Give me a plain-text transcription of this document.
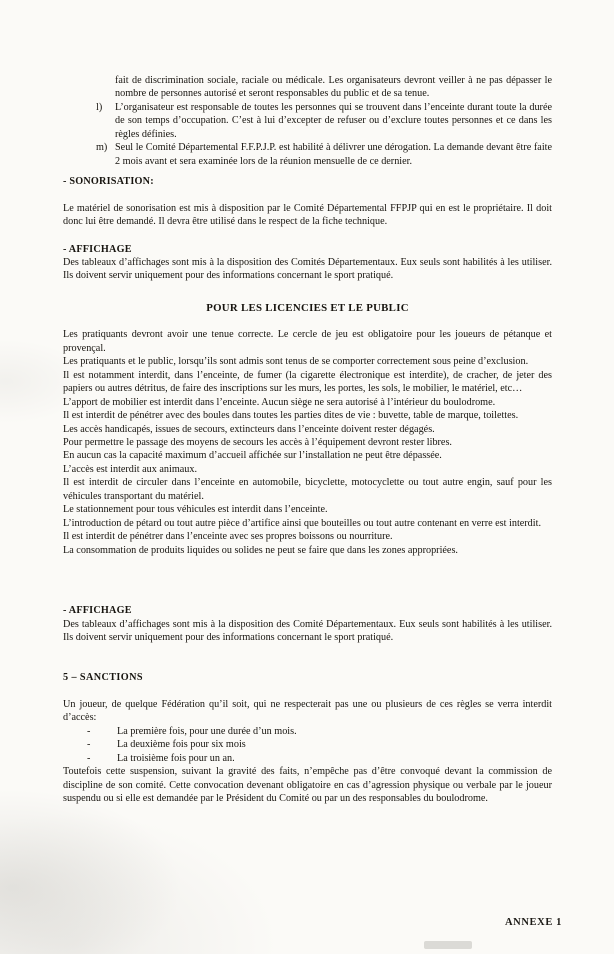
fait de discrimination sociale, raciale ou médicale. Les organisateurs devront veiller à ne pas dépasser le nombre de personnes autorisé et seront responsables du public et de sa tenue.
l)	L’organisateur est responsable de toutes les personnes qui se trouvent dans l’enceinte durant toute la durée de son temps d’occupation. C’est à lui d’excepter de refuser ou d’exclure toutes personnes et ce dans les règles définies.
m) Seul le Comité Départemental F.F.P.J.P. est habilité à délivrer une dérogation. La demande devant être faite 2 mois avant et sera examinée lors de la réunion mensuelle de ce dernier.
- SONORISATION:
Le matériel de sonorisation est mis à disposition par le Comité Départemental FFPJP qui en est le propriétaire. Il doit donc lui être demandé. Il devra être utilisé dans le respect de la fiche technique.
- AFFICHAGE
Des tableaux d’affichages sont mis à la disposition des Comités Départementaux. Eux seuls sont habilités à les utiliser. Ils doivent servir uniquement pour des informations concernant le sport pratiqué.
POUR LES LICENCIES ET LE PUBLIC

Les pratiquants devront avoir une tenue correcte. Le cercle de jeu est obligatoire pour les joueurs de pétanque et provençal.

Les pratiquants et le public, lorsqu’ils sont admis sont tenus de se comporter correctement sous peine d’exclusion.

Il est notamment interdit, dans l’enceinte, de fumer (la cigarette électronique est interdite), de cracher, de jeter des papiers ou autres détritus, de faire des inscriptions sur les murs, les portes, les sols, le mobilier, le matériel, etc…

L’apport de mobilier est interdit dans l’enceinte. Aucun siège ne sera autorisé à l’intérieur du boulodrome.

Il est interdit de pénétrer avec des boules dans toutes les parties dites de vie : buvette, table de marque, toilettes.

Les accès handicapés, issues de secours, extincteurs dans l’enceinte doivent rester dégagés.

Pour permettre le passage des moyens de secours les accès à l’équipement devront rester libres.

En aucun cas la capacité maximum d’accueil affichée sur l’installation ne peut être dépassée.

L’accès est interdit aux animaux.

Il est interdit de circuler dans l’enceinte en automobile, bicyclette, motocyclette ou tout autre engin, sauf pour les véhicules transportant du matériel.

Le stationnement pour tous véhicules est interdit dans l’enceinte.

L’introduction de pétard ou tout autre pièce d’artifice ainsi que bouteilles ou tout autre contenant en verre est interdit.

Il est interdit de pénétrer dans l’enceinte avec ses propres boissons ou nourriture.

La consommation de produits liquides ou solides ne peut se faire que dans les zones appropriées.

- AFFICHAGE
Des tableaux d’affichages sont mis à la disposition des Comité Départementaux. Eux seuls sont habilités à les utiliser. Ils doivent servir uniquement pour des informations concernant le sport pratiqué.
5 – SANCTIONS
Un joueur, de quelque Fédération qu’il soit, qui ne respecterait pas une ou plusieurs de ces règles se verra interdit d’accès:
-	La première fois, pour une durée d’un mois.
-	La deuxième fois pour six mois
-	La troisième fois pour un an.
Toutefois cette suspension, suivant la gravité des faits, n’empêche pas d’être convoqué devant la commission de discipline de son comité. Cette convocation devenant obligatoire en cas d’agression physique ou verbale par le joueur suspendu ou si elle est demandée par le Président du Comité ou par un des responsables du boulodrome.
ANNEXE 1
